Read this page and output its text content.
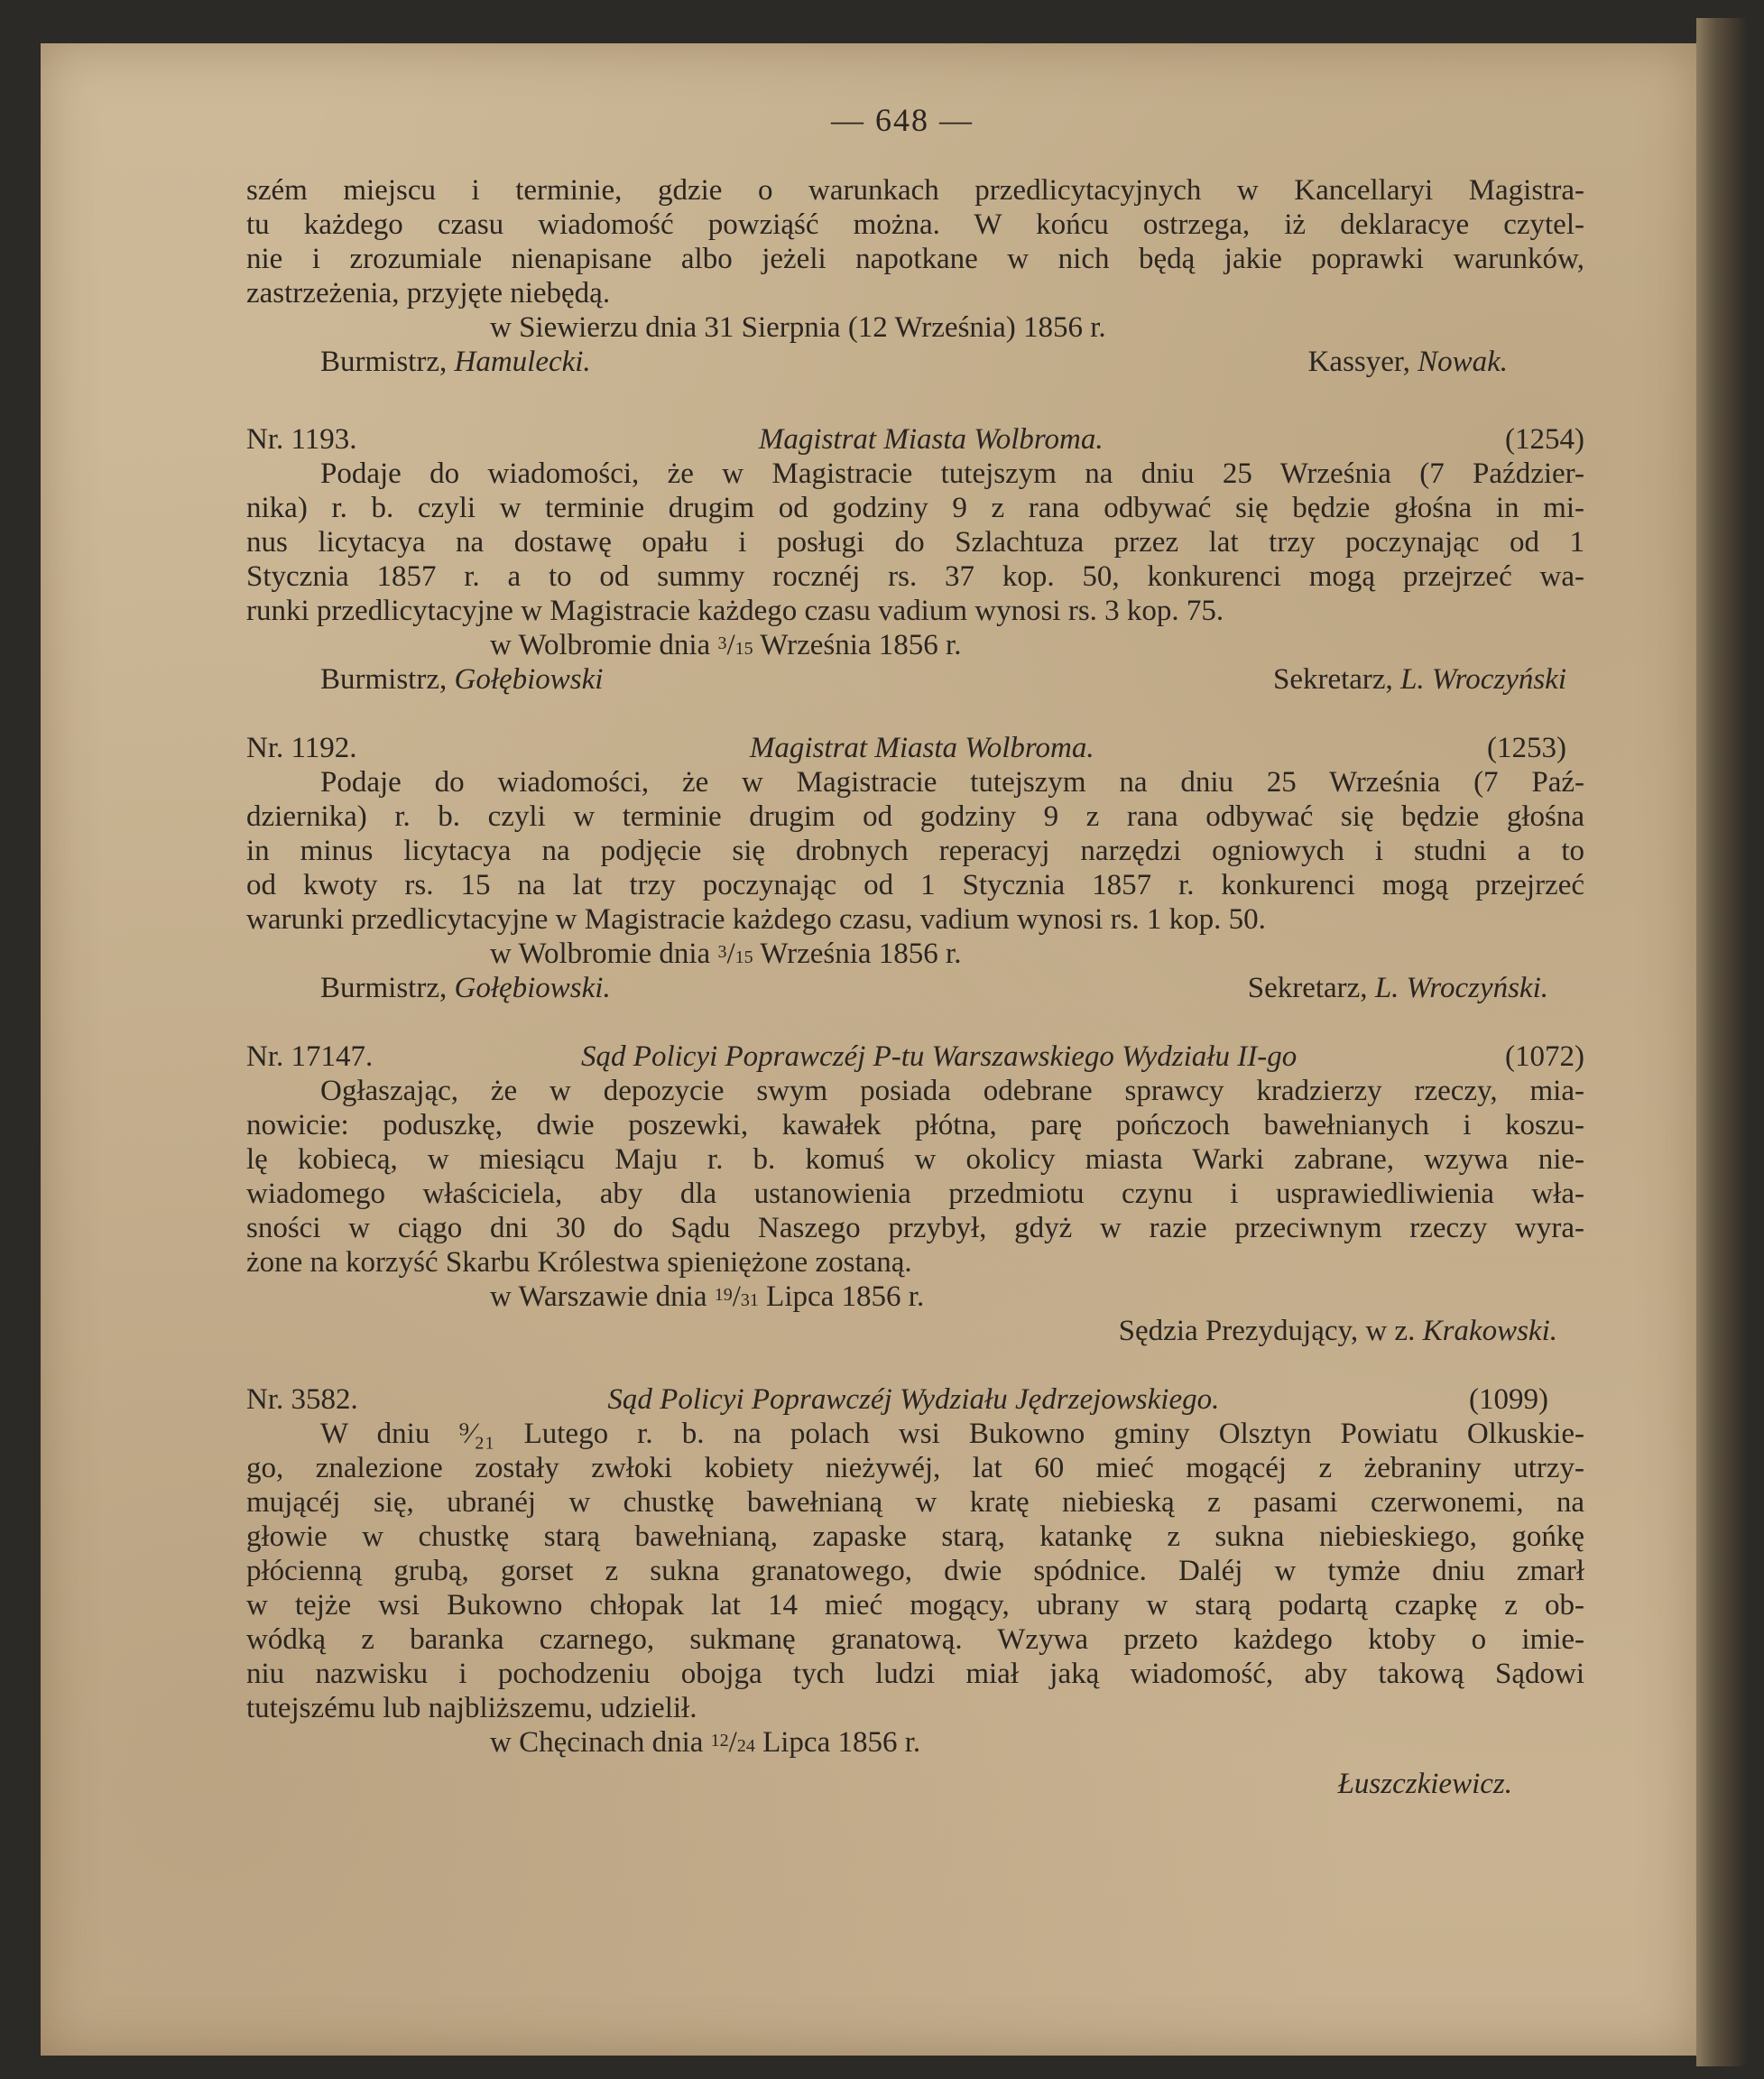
— 648 —
szém miejscu i terminie, gdzie o warunkach przedlicytacyjnych w Kancellaryi Magistra-
tu każdego czasu wiadomość powziąść można. W końcu ostrzega, iż deklaracye czytel-
nie i zrozumiale nienapisane albo jeżeli napotkane w nich będą jakie poprawki warunków,
zastrzeżenia, przyjęte niebędą.
w Siewierzu dnia 31 Sierpnia (12 Września) 1856 r.
Burmistrz, Hamulecki.	Kassyer, Nowak.
Nr. 1193.	Magistrat Miasta Wolbroma.	(1254)
Podaje do wiadomości, że w Magistracie tutejszym na dniu 25 Września (7 Paździer-
nika) r. b. czyli w terminie drugim od godziny 9 z rana odbywać się będzie głośna in mi-
nus licytacya na dostawę opału i posługi do Szlachtuza przez lat trzy poczynając od 1
Stycznia 1857 r. a to od summy rocznéj rs. 37 kop. 50, konkurenci mogą przejrzeć wa-
runki przedlicytacyjne w Magistracie każdego czasu vadium wynosi rs. 3 kop. 75.
w Wolbromie dnia $^3/_{15}$ Września 1856 r.
Burmistrz, Gołębiowski	Sekretarz, L. Wroczyński
Nr. 1192.	Magistrat Miasta Wolbroma.	(1253)
Podaje do wiadomości, że w Magistracie tutejszym na dniu 25 Września (7 Paź-
dziernika) r. b. czyli w terminie drugim od godziny 9 z rana odbywać się będzie głośna
in minus licytacya na podjęcie się drobnych reperacyj narzędzi ogniowych i studni a to
od kwoty rs. 15 na lat trzy poczynając od 1 Stycznia 1857 r. konkurenci mogą przejrzeć
warunki przedlicytacyjne w Magistracie każdego czasu, vadium wynosi rs. 1 kop. 50.
w Wolbromie dnia $^3/_{15}$ Września 1856 r.
Burmistrz, Gołębiowski.	Sekretarz, L. Wroczyński.
Nr. 17147.	Sąd Policyi Poprawczéj P-tu Warszawskiego Wydziału II-go	(1072)
Ogłaszając, że w depozycie swym posiada odebrane sprawcy kradzierzy rzeczy, mia-
nowicie: poduszkę, dwie poszewki, kawałek płótna, parę pończoch bawełnianych i koszu-
lę kobiecą, w miesiącu Maju r. b. komuś w okolicy miasta Warki zabrane, wzywa nie-
wiadomego właściciela, aby dla ustanowienia przedmiotu czynu i usprawiedliwienia wła-
sności w ciągo dni 30 do Sądu Naszego przybył, gdyż w razie przeciwnym rzeczy wyra-
żone na korzyść Skarbu Królestwa spieniężone zostaną.
w Warszawie dnia $^{19}/_{31}$ Lipca 1856 r.
Sędzia Prezydujący, w z. Krakowski.
Nr. 3582.	Sąd Policyi Poprawczéj Wydziału Jędrzejowskiego.	(1099)
W dniu ⁹⁄₂₁ Lutego r. b. na polach wsi Bukowno gminy Olsztyn Powiatu Olkuskie-
go, znalezione zostały zwłoki kobiety nieżywéj, lat 60 mieć mogącéj z żebraniny utrzy-
mującéj się, ubranéj w chustkę bawełnianą w kratę niebieską z pasami czerwonemi, na
głowie w chustkę starą bawełnianą, zapaske starą, katankę z sukna niebieskiego, gońkę
płócienną grubą, gorset z sukna granatowego, dwie spódnice. Daléj w tymże dniu zmarł
w tejże wsi Bukowno chłopak lat 14 mieć mogący, ubrany w starą podartą czapkę z ob-
wódką z baranka czarnego, sukmanę granatową. Wzywa przeto każdego ktoby o imie-
niu nazwisku i pochodzeniu obojga tych ludzi miał jaką wiadomość, aby takową Sądowi
tutejszému lub najbliższemu, udzielił.
w Chęcinach dnia $^{12}/_{24}$ Lipca 1856 r.
Łuszczkiewicz.
